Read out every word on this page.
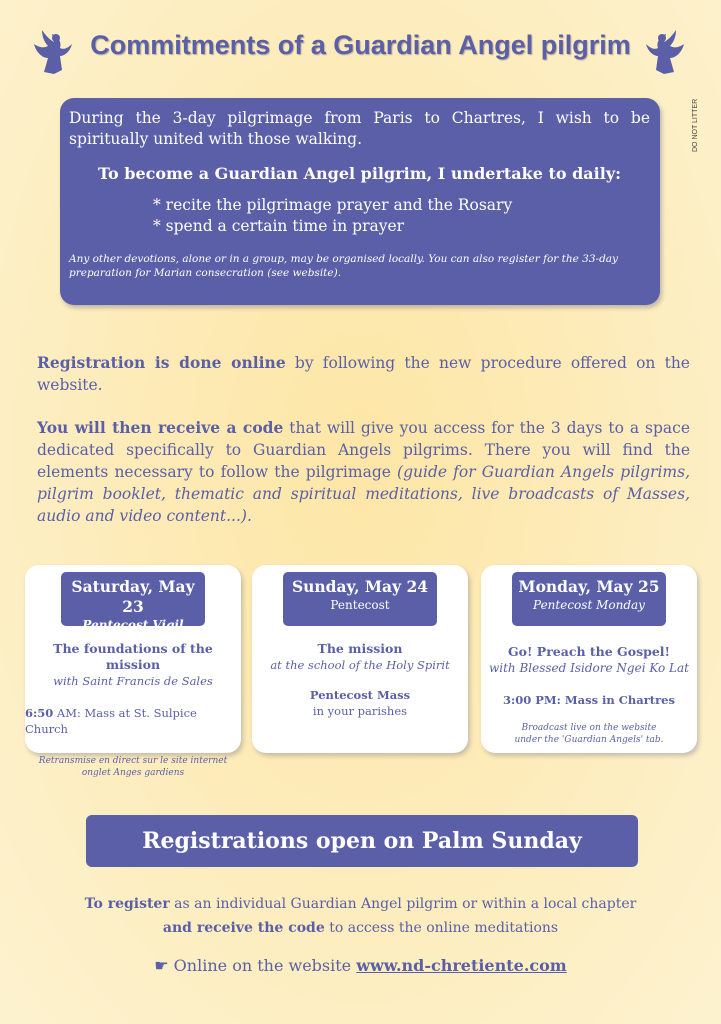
Commitments of a Guardian Angel pilgrim
DO NOT LITTER

During the 3-day pilgrimage from Paris to Chartres, I wish to be spiritually united with those walking.

To become a Guardian Angel pilgrim, I undertake to daily:
* recite the pilgrimage prayer and the Rosary
* spend a certain time in prayer

Any other devotions, alone or in a group, may be organised locally. You can also register for the 33-day preparation for Marian consecration (see website).

Registration is done online by following the new procedure offered on the website.

You will then receive a code that will give you access for the 3 days to a space dedicated specifically to Guardian Angels pilgrims. There you will find the elements necessary to follow the pilgrimage (guide for Guardian Angels pilgrims, pilgrim booklet, thematic and spiritual meditations, live broadcasts of Masses, audio and video content...).

Saturday, May 23
Pentecost Vigil
The foundations of the mission
with Saint Francis de Sales
6:50 AM: Mass at St. Sulpice Church
Retransmise en direct sur le site internet
onglet Anges gardiens
Sunday, May 24
Pentecost
The mission
at the school of the Holy Spirit
Pentecost Mass
in your parishes
Monday, May 25
Pentecost Monday
Go! Preach the Gospel!
with Blessed Isidore Ngei Ko Lat
3:00 PM: Mass in Chartres
Broadcast live on the website
under the 'Guardian Angels' tab.
Registrations open on Palm Sunday
To register as an individual Guardian Angel pilgrim or within a local chapter
and receive the code to access the online meditations
☛ Online on the website www.nd-chretiente.com
